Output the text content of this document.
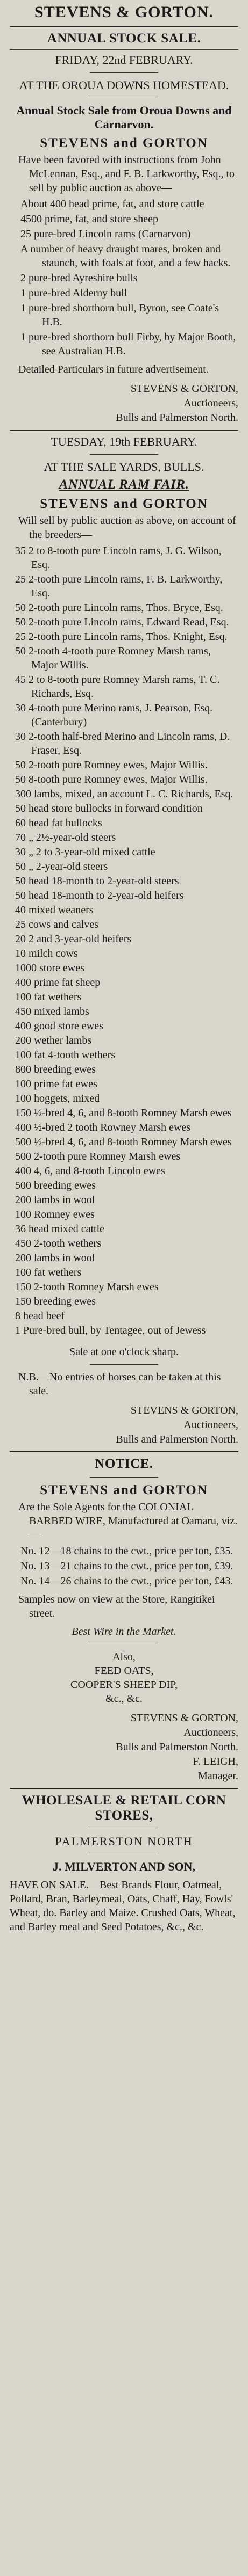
STEVENS & GORTON.
ANNUAL STOCK SALE.
FRIDAY, 22nd FEBRUARY.
AT THE OROUA DOWNS HOMESTEAD.
Annual Stock Sale from Oroua Downs and Carnarvon.
STEVENS and GORTON

Have been favored with instructions from John McLennan, Esq., and F. B. Larkworthy, Esq., to sell by public auction as above—

About 400 head prime, fat, and store cattle
4500 prime, fat, and store sheep
25 pure-bred Lincoln rams (Carnarvon)
A number of heavy draught mares, broken and staunch, with foals at foot, and a few hacks.
2 pure-bred Ayreshire bulls
1 pure-bred Alderny bull
1 pure-bred shorthorn bull, Byron, see Coate's H.B.
1 pure-bred shorthorn bull Firby, by Major Booth, see Australian H.B.

Detailed Particulars in future advertisement.

STEVENS & GORTON,
Auctioneers,
Bulls and Palmerston North.
TUESDAY, 19th FEBRUARY.
AT THE SALE YARDS, BULLS.
ANNUAL RAM FAIR.
STEVENS and GORTON

Will sell by public auction as above, on account of the breeders—

35 2 to 8-tooth pure Lincoln rams, J. G. Wilson, Esq.
25 2-tooth pure Lincoln rams, F. B. Larkworthy, Esq.
50 2-tooth pure Lincoln rams, Thos. Bryce, Esq.
50 2-tooth pure Lincoln rams, Edward Read, Esq.
25 2-tooth pure Lincoln rams, Thos. Knight, Esq.
50 2-tooth 4-tooth pure Romney Marsh rams, Major Willis.
45 2 to 8-tooth pure Romney Marsh rams, T. C. Richards, Esq.
30 4-tooth pure Merino rams, J. Pearson, Esq. (Canterbury)
30 2-tooth half-bred Merino and Lincoln rams, D. Fraser, Esq.
50 2-tooth pure Romney ewes, Major Willis.
50 8-tooth pure Romney ewes, Major Willis.
300 lambs, mixed, an account L. C. Richards, Esq.
50 head store bullocks in forward condition
60 head fat bullocks
70 „ 2½-year-old steers
30 „ 2 to 3-year-old mixed cattle
50 „ 2-year-old steers
50 head 18-month to 2-year-old steers
50 head 18-month to 2-year-old heifers
40 mixed weaners
25 cows and calves
20 2 and 3-year-old heifers
10 milch cows
1000 store ewes
400 prime fat sheep
100 fat wethers
450 mixed lambs
400 good store ewes
200 wether lambs
100 fat 4-tooth wethers
800 breeding ewes
100 prime fat ewes
100 hoggets, mixed
150 ½-bred 4, 6, and 8-tooth Romney Marsh ewes
400 ½-bred 2 tooth Rowney Marsh ewes
500 ½-bred 4, 6, and 8-tooth Romney Marsh ewes
500 2-tooth pure Romney Marsh ewes
400 4, 6, and 8-tooth Lincoln ewes
500 breeding ewes
200 lambs in wool
100 Romney ewes
36 head mixed cattle
450 2-tooth wethers
200 lambs in wool
100 fat wethers
150 2-tooth Romney Marsh ewes
150 breeding ewes
8 head beef
1 Pure-bred bull, by Tentagee, out of Jewess
Sale at one o'clock sharp.

N.B.—No entries of horses can be taken at this sale.

STEVENS & GORTON,
Auctioneers,
Bulls and Palmerston North.
NOTICE.
STEVENS and GORTON

Are the Sole Agents for the COLONIAL BARBED WIRE, Manufactured at Oamaru, viz.—

No. 12—18 chains to the cwt., price per ton, £35.
No. 13—21 chains to the cwt., price per ton, £39.
No. 14—26 chains to the cwt., price per ton, £43.

Samples now on view at the Store, Rangitikei street.

Best Wire in the Market.
Also,
FEED OATS,
COOPER'S SHEEP DIP,
&c., &c.
STEVENS & GORTON,
Auctioneers,
Bulls and Palmerston North.
F. LEIGH,
Manager.
WHOLESALE & RETAIL CORN STORES,
PALMERSTON NORTH
J. MILVERTON AND SON,

HAVE ON SALE.—Best Brands Flour, Oatmeal, Pollard, Bran, Barleymeal, Oats, Chaff, Hay, Fowls' Wheat, do. Barley and Maize. Crushed Oats, Wheat, and Barley meal and Seed Potatoes, &c., &c.
